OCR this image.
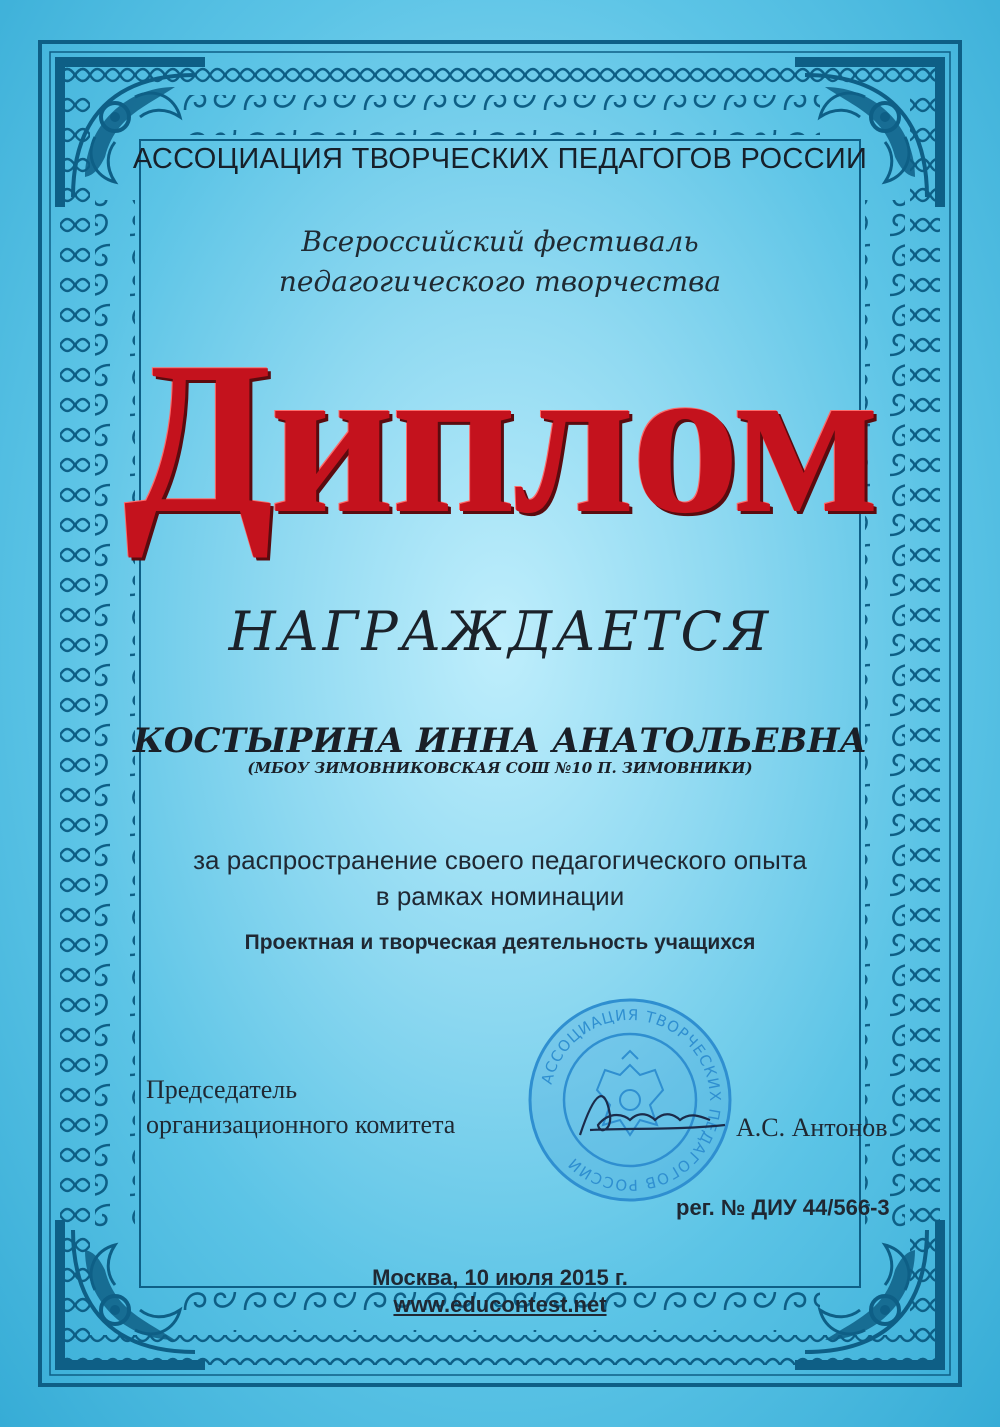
АССОЦИАЦИЯ ТВОРЧЕСКИХ ПЕДАГОГОВ РОССИИ

Всероссийский фестиваль

педагогического творчества

Диплом

НАГРАЖДАЕТСЯ

КОСТЫРИНА ИННА АНАТОЛЬЕВНА

(МБОУ ЗИМОВНИКОВСКАЯ СОШ №10 П. ЗИМОВНИКИ)

за распространение своего педагогического опыта

в рамках номинации

Проектная и творческая деятельность учащихся

АССОЦИАЦИЯ ТВОРЧЕСКИХ ПЕДАГОГОВ РОССИИ

Председатель

организационного комитета	А.С. Антонов

рег. № ДИУ 44/566-3

Москва, 10 июля 2015 г.

www.educontest.net
